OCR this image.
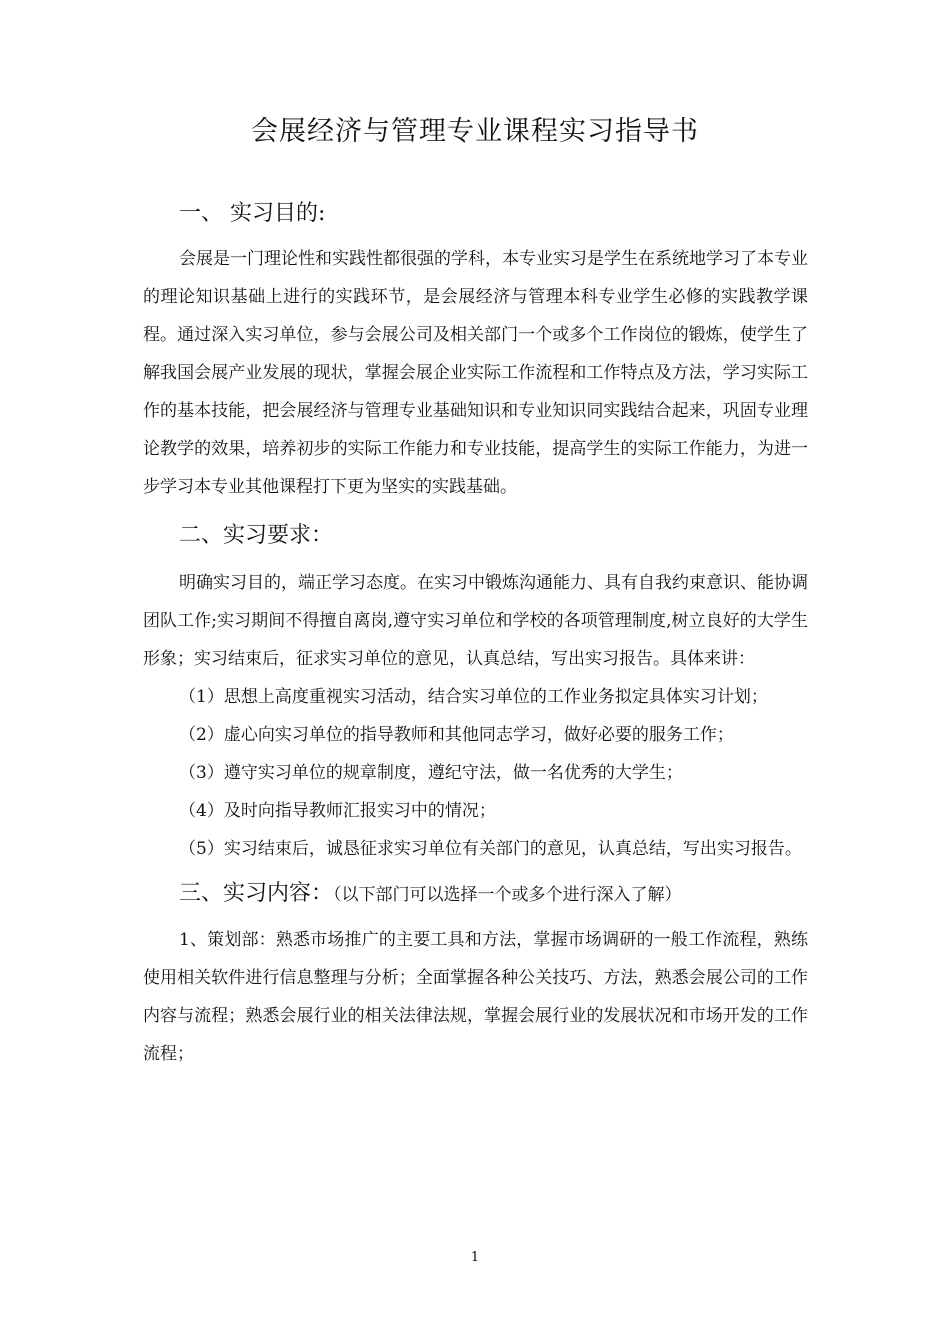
会展经济与管理专业课程实习指导书
一、 实习目的:

会展是一门理论性和实践性都很强的学科，本专业实习是学生在系统地学习了本专业的理论知识基础上进行的实践环节，是会展经济与管理本科专业学生必修的实践教学课程。通过深入实习单位，参与会展公司及相关部门一个或多个工作岗位的锻炼，使学生了解我国会展产业发展的现状，掌握会展企业实际工作流程和工作特点及方法，学习实际工作的基本技能，把会展经济与管理专业基础知识和专业知识同实践结合起来，巩固专业理论教学的效果，培养初步的实际工作能力和专业技能，提高学生的实际工作能力，为进一步学习本专业其他课程打下更为坚实的实践基础。

二、实习要求：

明确实习目的，端正学习态度。在实习中锻炼沟通能力、具有自我约束意识、能协调团队工作;实习期间不得擅自离岗,遵守实习单位和学校的各项管理制度,树立良好的大学生形象；实习结束后，征求实习单位的意见，认真总结，写出实习报告。具体来讲：

（1）思想上高度重视实习活动，结合实习单位的工作业务拟定具体实习计划；

（2）虚心向实习单位的指导教师和其他同志学习，做好必要的服务工作；

（3）遵守实习单位的规章制度，遵纪守法，做一名优秀的大学生；

（4）及时向指导教师汇报实习中的情况；

（5）实习结束后，诚恳征求实习单位有关部门的意见，认真总结，写出实习报告。

三、实习内容：（以下部门可以选择一个或多个进行深入了解）

1、策划部：熟悉市场推广的主要工具和方法，掌握市场调研的一般工作流程，熟练使用相关软件进行信息整理与分析；全面掌握各种公关技巧、方法，熟悉会展公司的工作内容与流程；熟悉会展行业的相关法律法规，掌握会展行业的发展状况和市场开发的工作流程；

1
